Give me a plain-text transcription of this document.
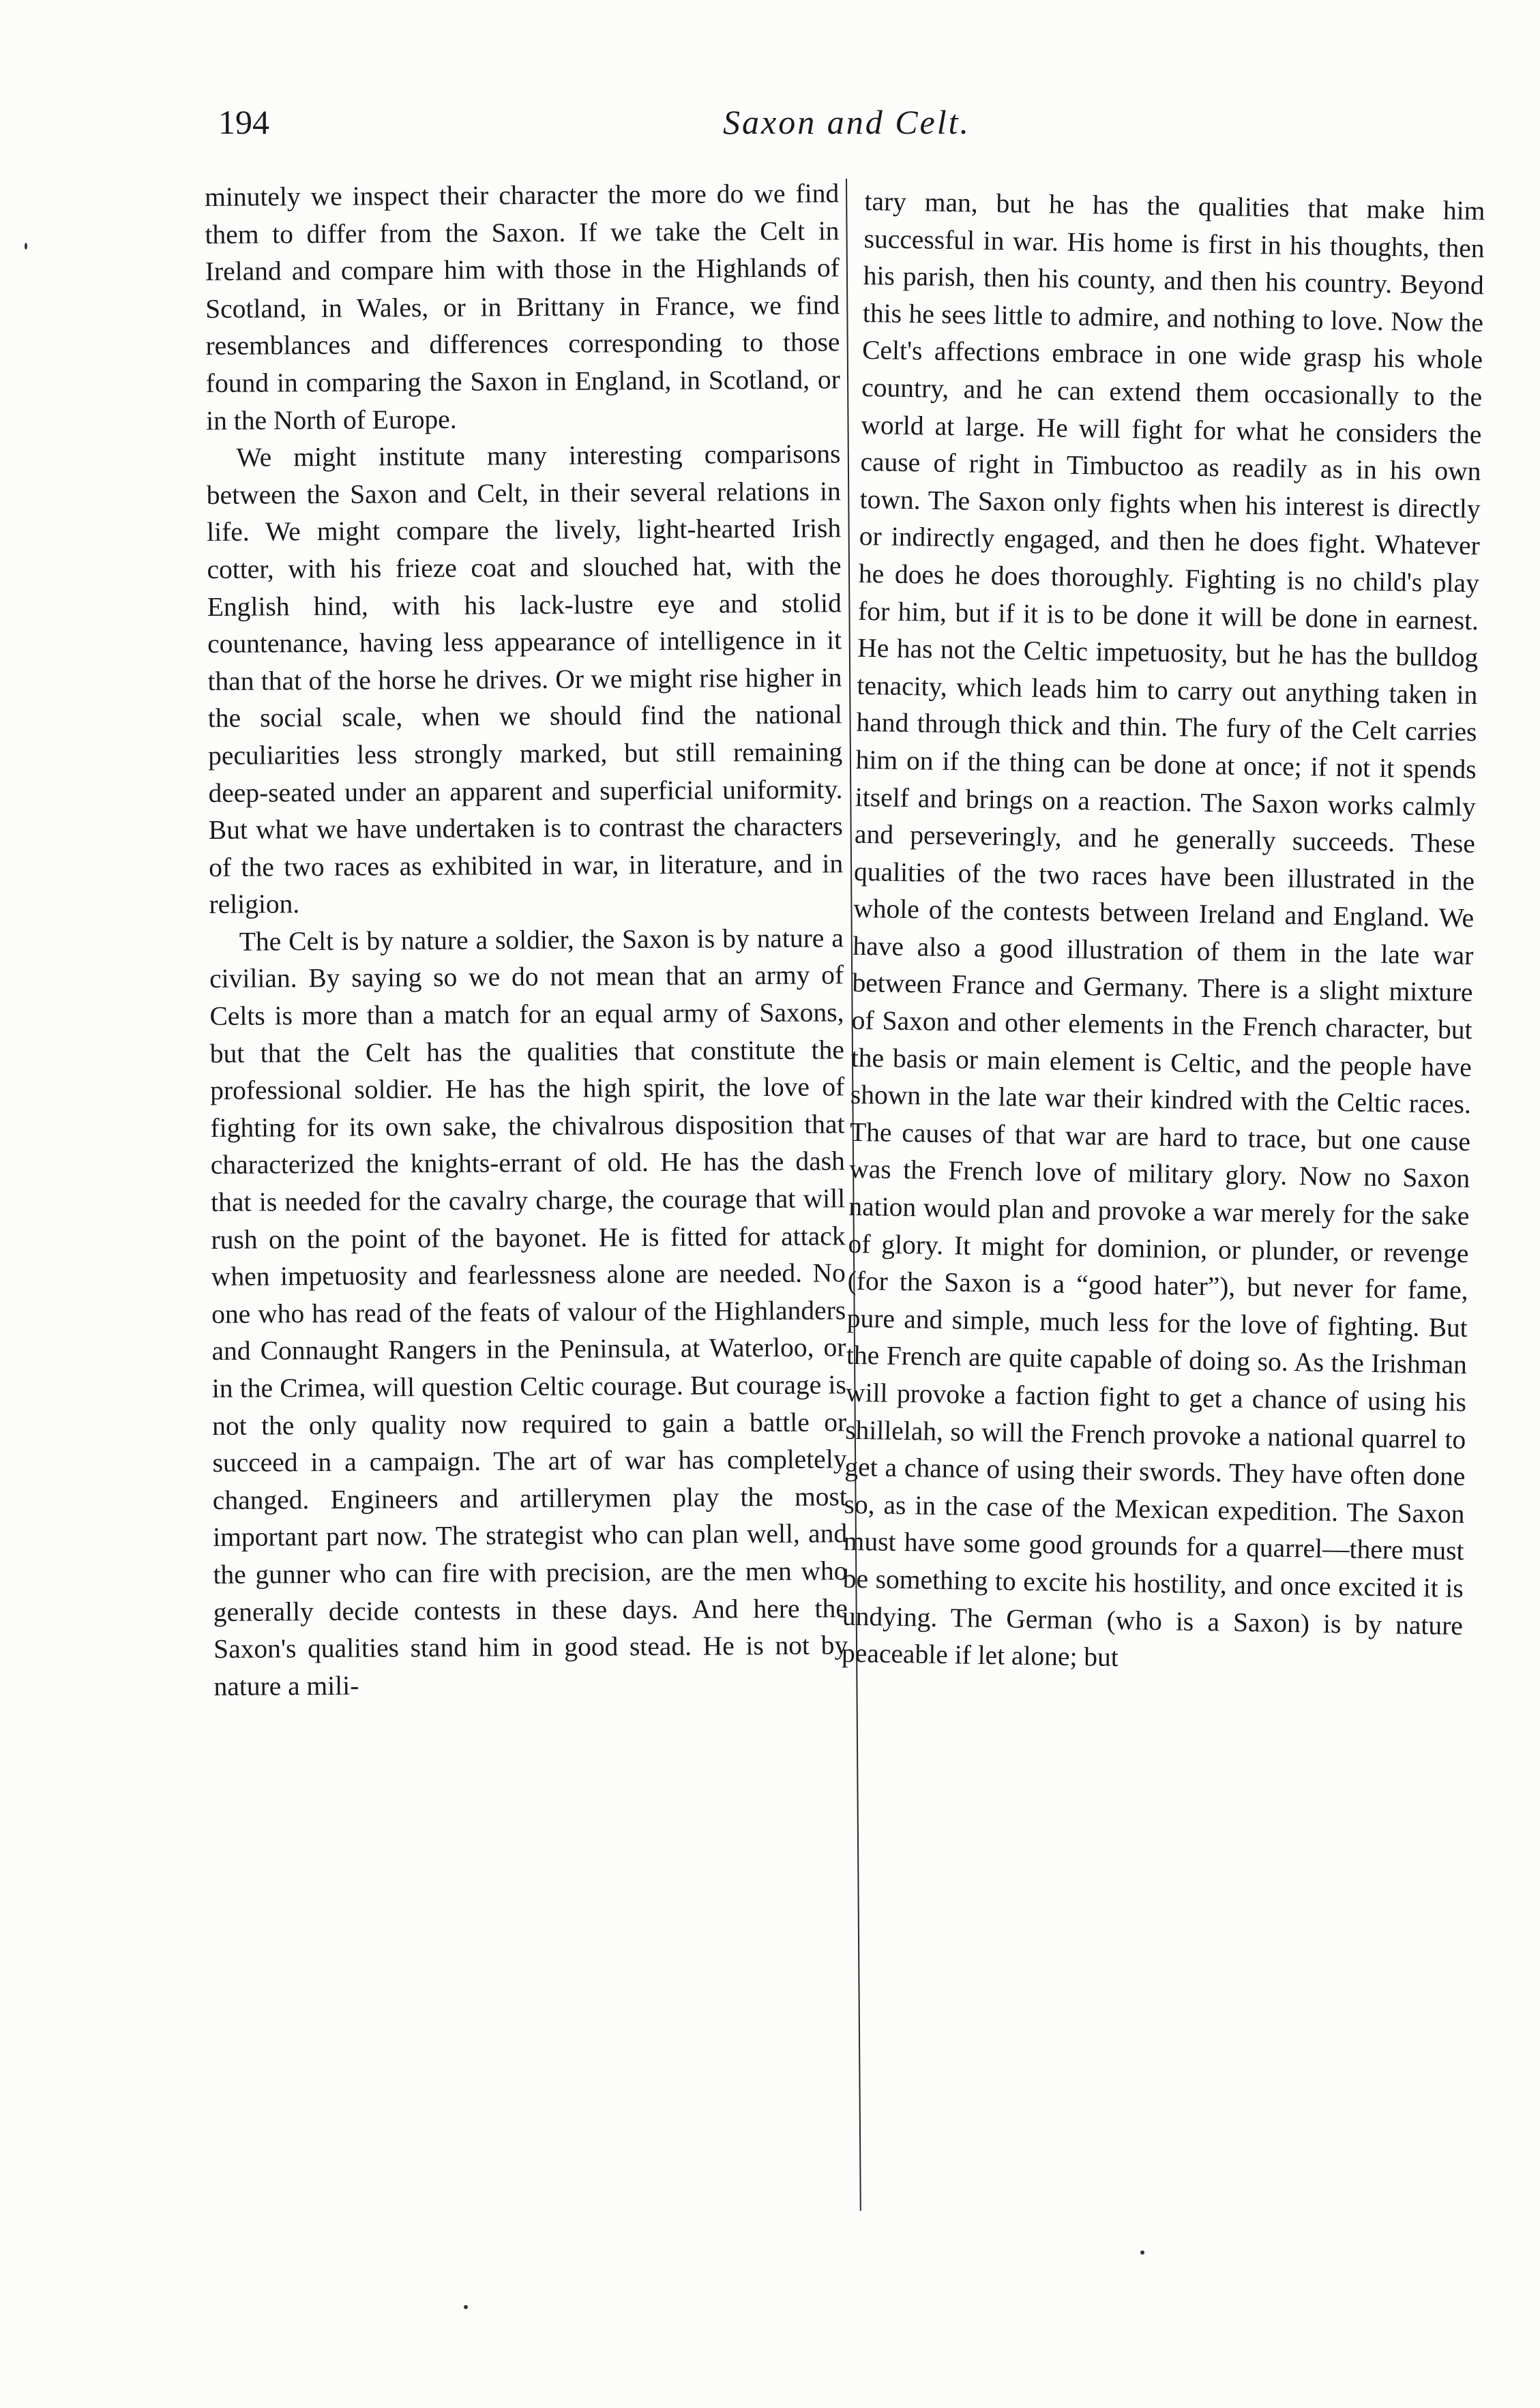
194	Saxon and Celt.

minutely we inspect their character the more do we find them to differ from the Saxon. If we take the Celt in Ireland and compare him with those in the Highlands of Scotland, in Wales, or in Brittany in France, we find resemblances and differences corresponding to those found in comparing the Saxon in England, in Scotland, or in the North of Europe.

We might institute many interesting comparisons between the Saxon and Celt, in their several relations in life. We might compare the lively, light-hearted Irish cotter, with his frieze coat and slouched hat, with the English hind, with his lack-lustre eye and stolid countenance, having less appearance of intelligence in it than that of the horse he drives. Or we might rise higher in the social scale, when we should find the national peculiarities less strongly marked, but still remaining deep-seated under an apparent and superficial uniformity. But what we have undertaken is to contrast the characters of the two races as exhibited in war, in literature, and in religion.

The Celt is by nature a soldier, the Saxon is by nature a civilian. By saying so we do not mean that an army of Celts is more than a match for an equal army of Saxons, but that the Celt has the qualities that constitute the professional soldier. He has the high spirit, the love of fighting for its own sake, the chivalrous disposition that characterized the knights-errant of old. He has the dash that is needed for the cavalry charge, the courage that will rush on the point of the bayonet. He is fitted for attack when impetuosity and fearlessness alone are needed. No one who has read of the feats of valour of the Highlanders and Connaught Rangers in the Peninsula, at Waterloo, or in the Crimea, will question Celtic courage. But courage is not the only quality now required to gain a battle or succeed in a campaign. The art of war has completely changed. Engineers and artillerymen play the most important part now. The strategist who can plan well, and the gunner who can fire with precision, are the men who generally decide contests in these days. And here the Saxon's qualities stand him in good stead. He is not by nature a mili-

tary man, but he has the qualities that make him successful in war. His home is first in his thoughts, then his parish, then his county, and then his country. Beyond this he sees little to admire, and nothing to love. Now the Celt's affections embrace in one wide grasp his whole country, and he can extend them occasionally to the world at large. He will fight for what he considers the cause of right in Timbuctoo as readily as in his own town. The Saxon only fights when his interest is directly or indirectly engaged, and then he does fight. Whatever he does he does thoroughly. Fighting is no child's play for him, but if it is to be done it will be done in earnest. He has not the Celtic impetuosity, but he has the bulldog tenacity, which leads him to carry out anything taken in hand through thick and thin. The fury of the Celt carries him on if the thing can be done at once; if not it spends itself and brings on a reaction. The Saxon works calmly and perseveringly, and he generally succeeds. These qualities of the two races have been illustrated in the whole of the contests between Ireland and England. We have also a good illustration of them in the late war between France and Germany. There is a slight mixture of Saxon and other elements in the French character, but the basis or main element is Celtic, and the people have shown in the late war their kindred with the Celtic races. The causes of that war are hard to trace, but one cause was the French love of military glory. Now no Saxon nation would plan and provoke a war merely for the sake of glory. It might for dominion, or plunder, or revenge (for the Saxon is a “good hater”), but never for fame, pure and simple, much less for the love of fighting. But the French are quite capable of doing so. As the Irishman will provoke a faction fight to get a chance of using his shillelah, so will the French provoke a national quarrel to get a chance of using their swords. They have often done so, as in the case of the Mexican expedition. The Saxon must have some good grounds for a quarrel—there must be something to excite his hostility, and once excited it is undying. The German (who is a Saxon) is by nature peaceable if let alone; but
